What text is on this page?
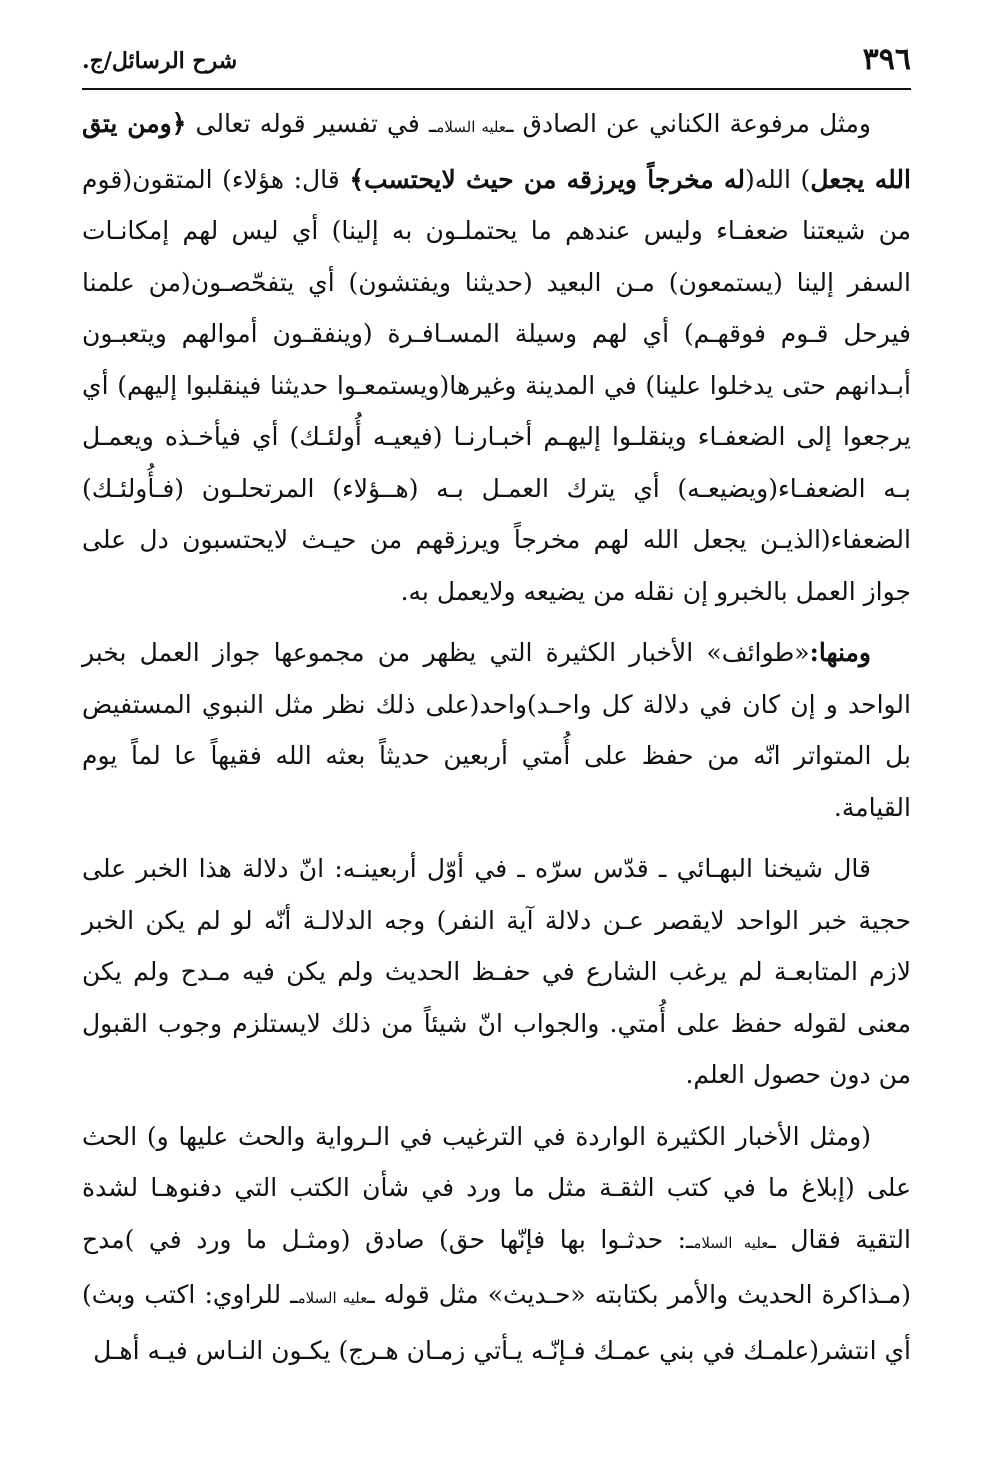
٣٩٦
شرح الرسائل/ج.

ومثل مرفوعة الكناني عن الصادق ـعليه السلامـ في تفسير قوله تعالى ﴿ومن يتق الله يجعل) الله(له مخرجاً ويرزقه من حيث لايحتسب﴾ قال: هؤلاء) المتقون(قوم من شيعتنا ضعفـاء وليس عندهم ما يحتملـون به إلينا) أي ليس لهم إمكانـات السفر إلينا (يستمعون) مـن البعيد (حديثنا ويفتشون) أي يتفحّصـون(من علمنا فيرحل قـوم فوقهـم) أي لهم وسيلة المسـافـرة (وينفقـون أموالهم ويتعبـون أبـدانهم حتى يدخلوا علينا) في المدينة وغيرها(ويستمعـوا حديثنا فينقلبوا إليهم) أي يرجعوا إلى الضعفـاء وينقلـوا إليهـم أخبـارنـا (فيعيـه أُولئـك) أي فيأخـذه ويعمـل بـه الضعفـاء(ويضيعـه) أي يترك العمـل بـه (هــؤلاء) المرتحلـون (فـأُولئـك) الضعفاء(الذيـن يجعل الله لهم مخرجاً ويرزقهم من حيـث لايحتسبون دل على جواز العمل بالخبرو إن نقله من يضيعه ولايعمل به.

ومنها:«طوائف» الأخبار الكثيرة التي يظهر من مجموعها جواز العمل بخبر الواحد و إن كان في دلالة كل واحـد)واحد(على ذلك نظر مثل النبوي المستفيض بل المتواتر انّه من حفظ على أُمتي أربعين حديثاً بعثه الله فقيهاً عا لماً يوم القيامة.

قال شيخنا البهـائي ـ قدّس سرّه ـ في أوّل أربعينـه: انّ دلالة هذا الخبر على حجية خبر الواحد لايقصر عـن دلالة آية النفر) وجه الدلالـة أنّه لو لم يكن الخبر لازم المتابعـة لم يرغب الشارع في حفـظ الحديث ولم يكن فيه مـدح ولم يكن معنى لقوله حفظ على أُمتي. والجواب انّ شيئاً من ذلك لايستلزم وجوب القبول من دون حصول العلم.

(ومثل الأخبار الكثيرة الواردة في الترغيب في الـرواية والحث عليها و) الحث على (إبلاغ ما في كتب الثقـة مثل ما ورد في شأن الكتب التي دفنوهـا لشدة التقية فقال ـعليه السلامـ: حدثـوا بها فإنّها حق) صادق (ومثـل ما ورد في )مدح (مـذاكرة الحديث والأمر بكتابته «حـديث» مثل قوله ـعليه السلامـ للراوي: اكتب وبث) أي انتشر(علمـك في بني عمـك فـإنّـه يـأتي زمـان هـرج) يكـون النـاس فيـه أهـل
